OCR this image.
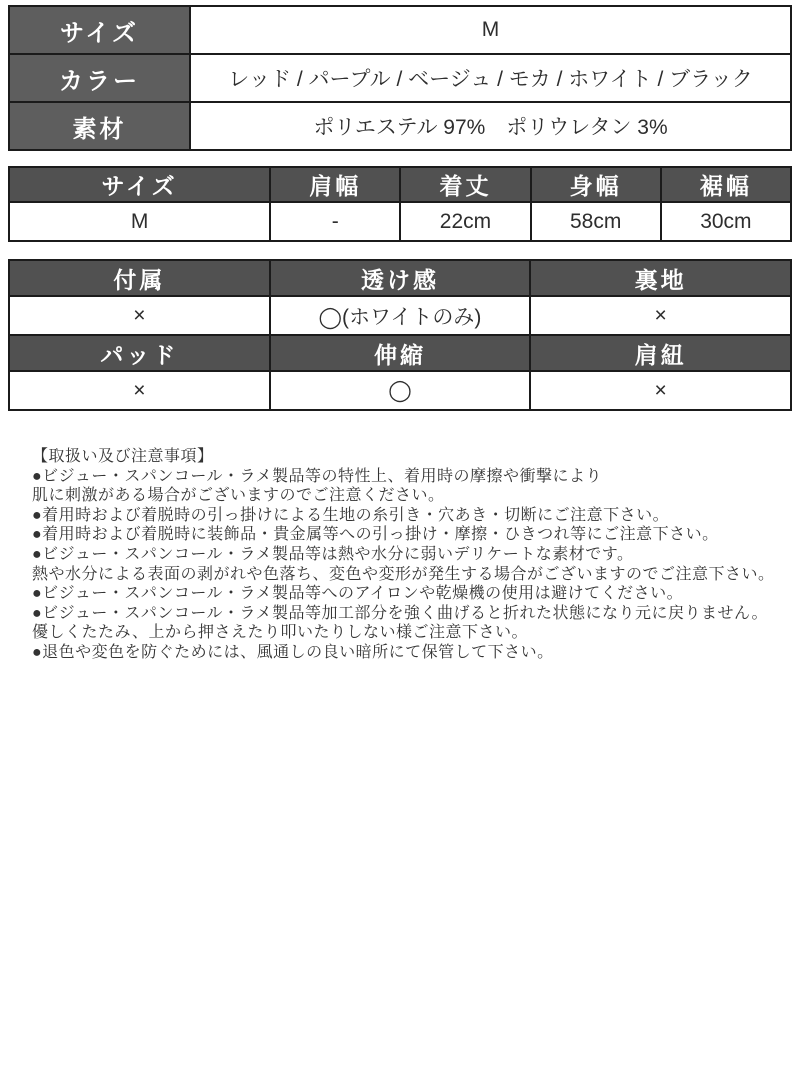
サイズ	M
カラー	レッド / パープル / ベージュ / モカ / ホワイト / ブラック
素材	ポリエステル 97%　ポリウレタン 3%
サイズ	肩幅	着丈	身幅	裾幅
M	-	22cm	58cm	30cm
付属	透け感	裏地
×	◯(ホワイトのみ)	×
パッド	伸縮	肩紐
×	◯	×
【取扱い及び注意事項】
●ビジュー・スパンコール・ラメ製品等の特性上、着用時の摩擦や衝撃により
肌に刺激がある場合がございますのでご注意ください。
●着用時および着脱時の引っ掛けによる生地の糸引き・穴あき・切断にご注意下さい。
●着用時および着脱時に装飾品・貴金属等への引っ掛け・摩擦・ひきつれ等にご注意下さい。
●ビジュー・スパンコール・ラメ製品等は熱や水分に弱いデリケートな素材です。
熱や水分による表面の剥がれや色落ち、変色や変形が発生する場合がございますのでご注意下さい。
●ビジュー・スパンコール・ラメ製品等へのアイロンや乾燥機の使用は避けてください。
●ビジュー・スパンコール・ラメ製品等加工部分を強く曲げると折れた状態になり元に戻りません。
優しくたたみ、上から押さえたり叩いたりしない様ご注意下さい。
●退色や変色を防ぐためには、風通しの良い暗所にて保管して下さい。
